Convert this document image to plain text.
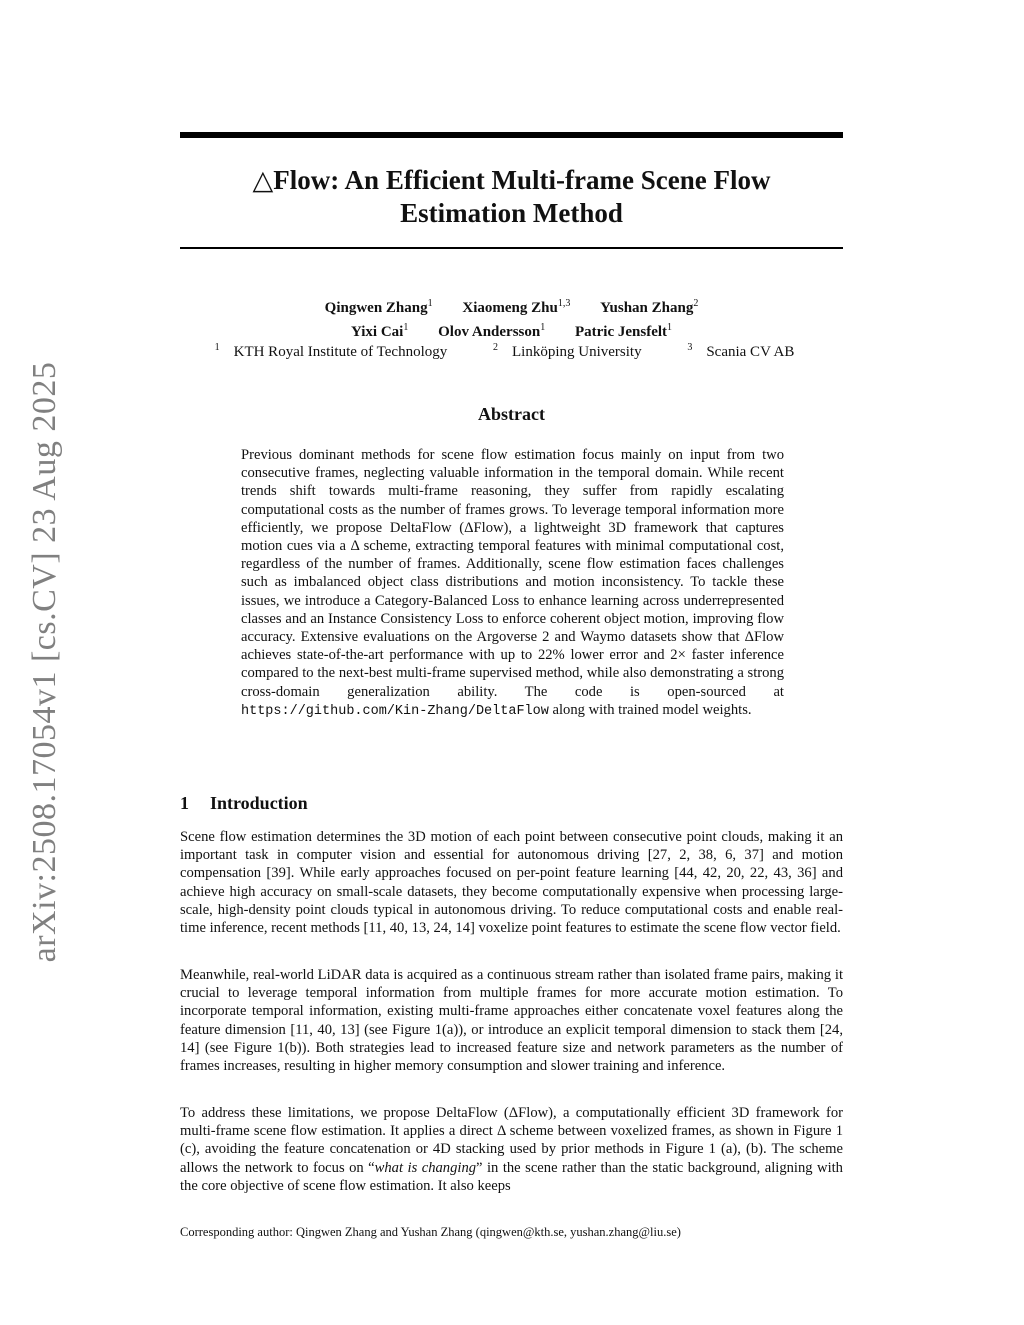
arXiv:2508.17054v1 [cs.CV] 23 Aug 2025
△Flow: An Efficient Multi-frame Scene Flow
Estimation Method
Qingwen Zhang$^1$ Xiaomeng Zhu$^{1,3}$ Yushan Zhang$^2$
Yixi Cai$^1$ Olov Andersson$^1$ Patric Jensfelt$^1$
$^1$ KTH Royal Institute of Technology	$^2$ Linköping University	$^3$ Scania CV AB
Abstract

Previous dominant methods for scene flow estimation focus mainly on input from two consecutive frames, neglecting valuable information in the temporal domain. While recent trends shift towards multi-frame reasoning, they suffer from rapidly escalating computational costs as the number of frames grows. To leverage temporal information more efficiently, we propose DeltaFlow (ΔFlow), a lightweight 3D framework that captures motion cues via a Δ scheme, extracting temporal features with minimal computational cost, regardless of the number of frames. Additionally, scene flow estimation faces challenges such as imbalanced object class distributions and motion inconsistency. To tackle these issues, we introduce a Category-Balanced Loss to enhance learning across underrepresented classes and an Instance Consistency Loss to enforce coherent object motion, improving flow accuracy. Extensive evaluations on the Argoverse 2 and Waymo datasets show that ΔFlow achieves state-of-the-art performance with up to 22% lower error and 2× faster inference compared to the next-best multi-frame supervised method, while also demonstrating a strong cross-domain generalization ability. The code is open-sourced at https://github.com/Kin-Zhang/DeltaFlow along with trained model weights.

1 Introduction

Scene flow estimation determines the 3D motion of each point between consecutive point clouds, making it an important task in computer vision and essential for autonomous driving [27, 2, 38, 6, 37] and motion compensation [39]. While early approaches focused on per-point feature learning [44, 42, 20, 22, 43, 36] and achieve high accuracy on small-scale datasets, they become computationally expensive when processing large-scale, high-density point clouds typical in autonomous driving. To reduce computational costs and enable real-time inference, recent methods [11, 40, 13, 24, 14] voxelize point features to estimate the scene flow vector field.

Meanwhile, real-world LiDAR data is acquired as a continuous stream rather than isolated frame pairs, making it crucial to leverage temporal information from multiple frames for more accurate motion estimation. To incorporate temporal information, existing multi-frame approaches either concatenate voxel features along the feature dimension [11, 40, 13] (see Figure 1(a)), or introduce an explicit temporal dimension to stack them [24, 14] (see Figure 1(b)). Both strategies lead to increased feature size and network parameters as the number of frames increases, resulting in higher memory consumption and slower training and inference.

To address these limitations, we propose DeltaFlow (ΔFlow), a computationally efficient 3D framework for multi-frame scene flow estimation. It applies a direct Δ scheme between voxelized frames, as shown in Figure 1 (c), avoiding the feature concatenation or 4D stacking used by prior methods in Figure 1 (a), (b). The scheme allows the network to focus on “what is changing” in the scene rather than the static background, aligning with the core objective of scene flow estimation. It also keeps

Corresponding author: Qingwen Zhang and Yushan Zhang (qingwen@kth.se, yushan.zhang@liu.se)
